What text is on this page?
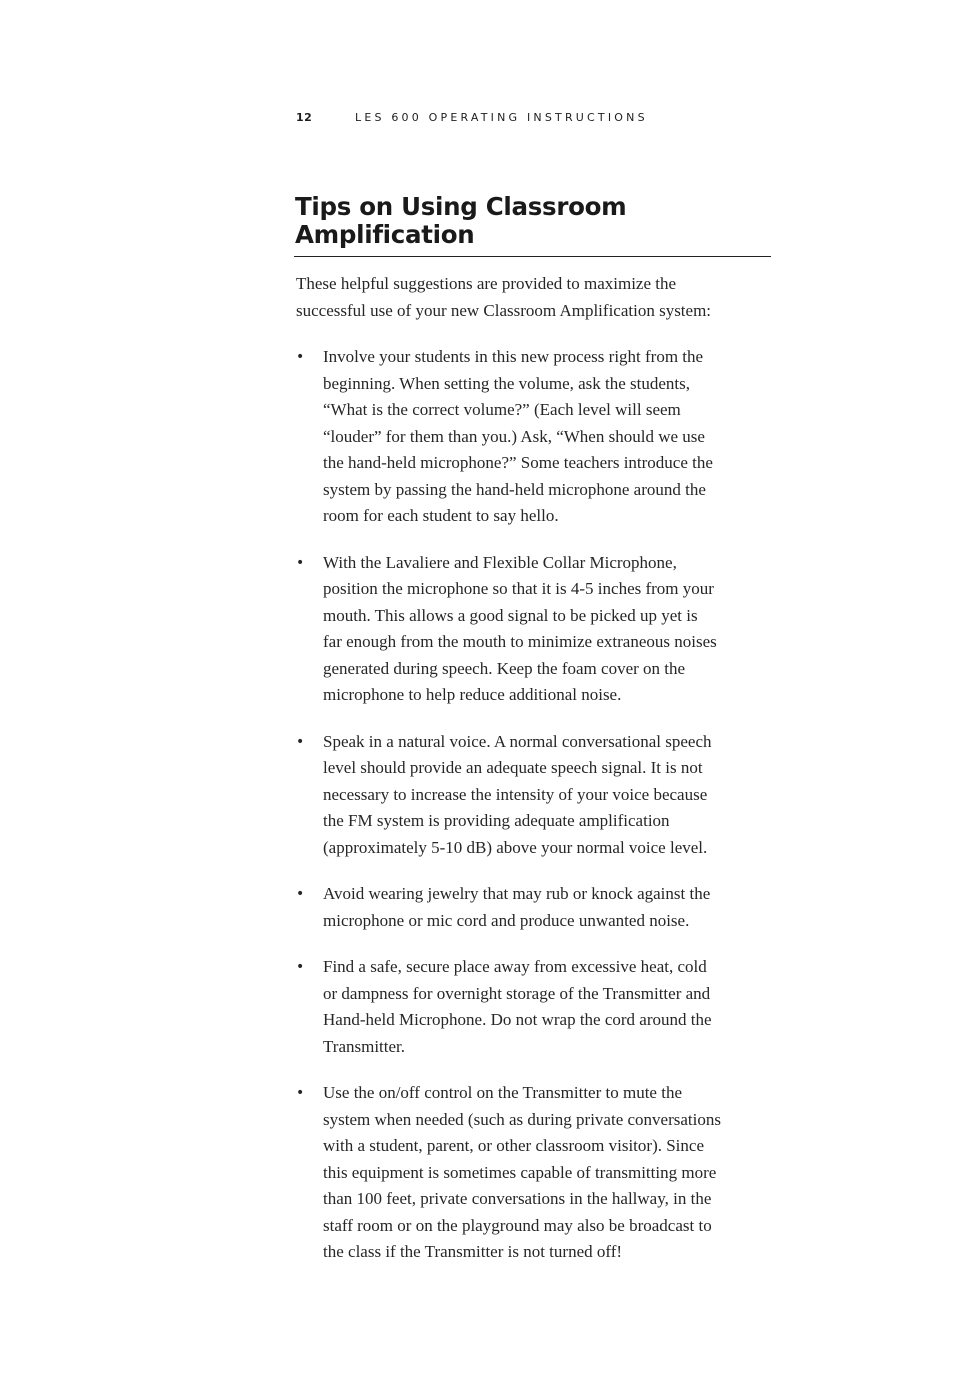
12	LES 600 OPERATING INSTRUCTIONS
Tips on Using Classroom
Amplification

These helpful suggestions are provided to maximize the
successful use of your new Classroom Amplification system:

• Involve your students in this new process right from the
beginning. When setting the volume, ask the students,
“What is the correct volume?” (Each level will seem
“louder” for them than you.) Ask, “When should we use
the hand-held microphone?” Some teachers introduce the
system by passing the hand-held microphone around the
room for each student to say hello.
• With the Lavaliere and Flexible Collar Microphone,
position the microphone so that it is 4-5 inches from your
mouth. This allows a good signal to be picked up yet is
far enough from the mouth to minimize extraneous noises
generated during speech. Keep the foam cover on the
microphone to help reduce additional noise.
• Speak in a natural voice. A normal conversational speech
level should provide an adequate speech signal. It is not
necessary to increase the intensity of your voice because
the FM system is providing adequate amplification
(approximately 5-10 dB) above your normal voice level.
• Avoid wearing jewelry that may rub or knock against the
microphone or mic cord and produce unwanted noise.
• Find a safe, secure place away from excessive heat, cold
or dampness for overnight storage of the Transmitter and
Hand-held Microphone. Do not wrap the cord around the
Transmitter.
• Use the on/off control on the Transmitter to mute the
system when needed (such as during private conversations
with a student, parent, or other classroom visitor). Since
this equipment is sometimes capable of transmitting more
than 100 feet, private conversations in the hallway, in the
staff room or on the playground may also be broadcast to
the class if the Transmitter is not turned off!
